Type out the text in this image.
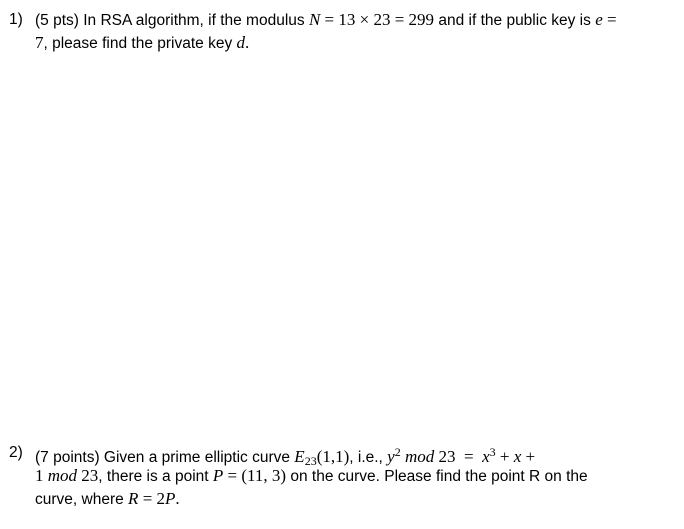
1) (5 pts) In RSA algorithm, if the modulus N = 13 × 23 = 299 and if the public key is e =
7, please find the private key d.
2) (7 points) Given a prime elliptic curve $E_{23}(1,1)$, i.e., $y^2$ mod $23 = x^3 + x$ +
1 mod 23, there is a point P = (11, 3) on the curve. Please find the point R on the
curve, where R = 2P.
